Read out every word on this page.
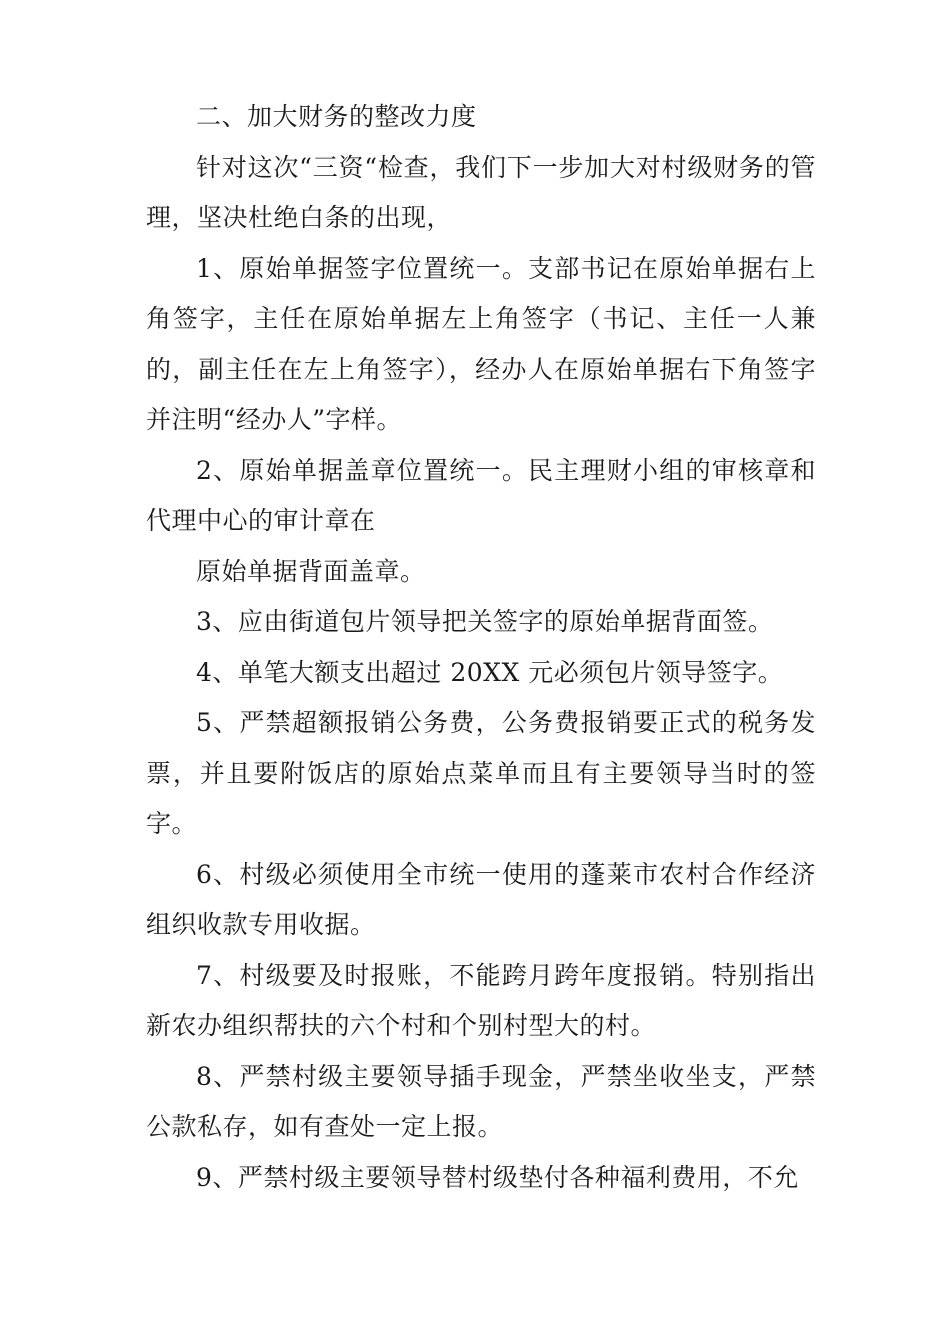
二、加大财务的整改力度

针对这次“三资“检查，我们下一步加大对村级财务的管理，坚决杜绝白条的出现，

1、原始单据签字位置统一。支部书记在原始单据右上角签字，主任在原始单据左上角签字（书记、主任一人兼的，副主任在左上角签字），经办人在原始单据右下角签字并注明“经办人”字样。

2、原始单据盖章位置统一。民主理财小组的审核章和代理中心的审计章在

原始单据背面盖章。

3、应由街道包片领导把关签字的原始单据背面签。

4、单笔大额支出超过 20XX 元必须包片领导签字。

5、严禁超额报销公务费，公务费报销要正式的税务发票，并且要附饭店的原始点菜单而且有主要领导当时的签字。

6、村级必须使用全市统一使用的蓬莱市农村合作经济组织收款专用收据。

7、村级要及时报账，不能跨月跨年度报销。特别指出新农办组织帮扶的六个村和个别村型大的村。

8、严禁村级主要领导插手现金，严禁坐收坐支，严禁公款私存，如有查处一定上报。

9、严禁村级主要领导替村级垫付各种福利费用，不允
